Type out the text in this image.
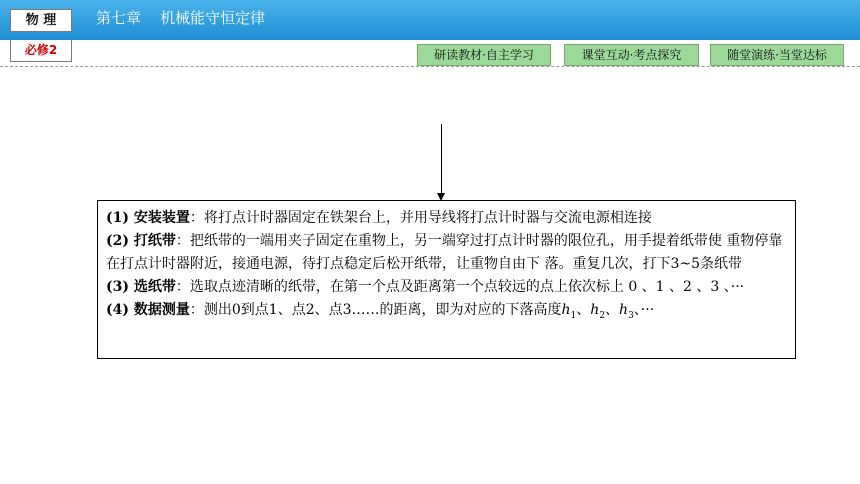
物 理	第七章    机械能守恒定律
必修2	研读教材·自主学习	课堂互动·考点探究	随堂演练·当堂达标
(1) 安装装置：将打点计时器固定在铁架台上，并用导线将打点计时器与交流电源相连接
(2) 打纸带：把纸带的一端用夹子固定在重物上，另一端穿过打点计时器的限位孔，用手提着纸带使 重物停靠在打点计时器附近，接通电源，待打点稳定后松开纸带，让重物自由下 落。重复几次，打下3~5条纸带
(3) 选纸带：选取点迹清晰的纸带，在第一个点及距离第一个点较远的点上依次标上 0 、1 、2 、3 、···
(4) 数据测量：测出0到点1、点2、点3……的距离，即为对应的下落高度$h_1$、$h_2$、$h_3$、···
